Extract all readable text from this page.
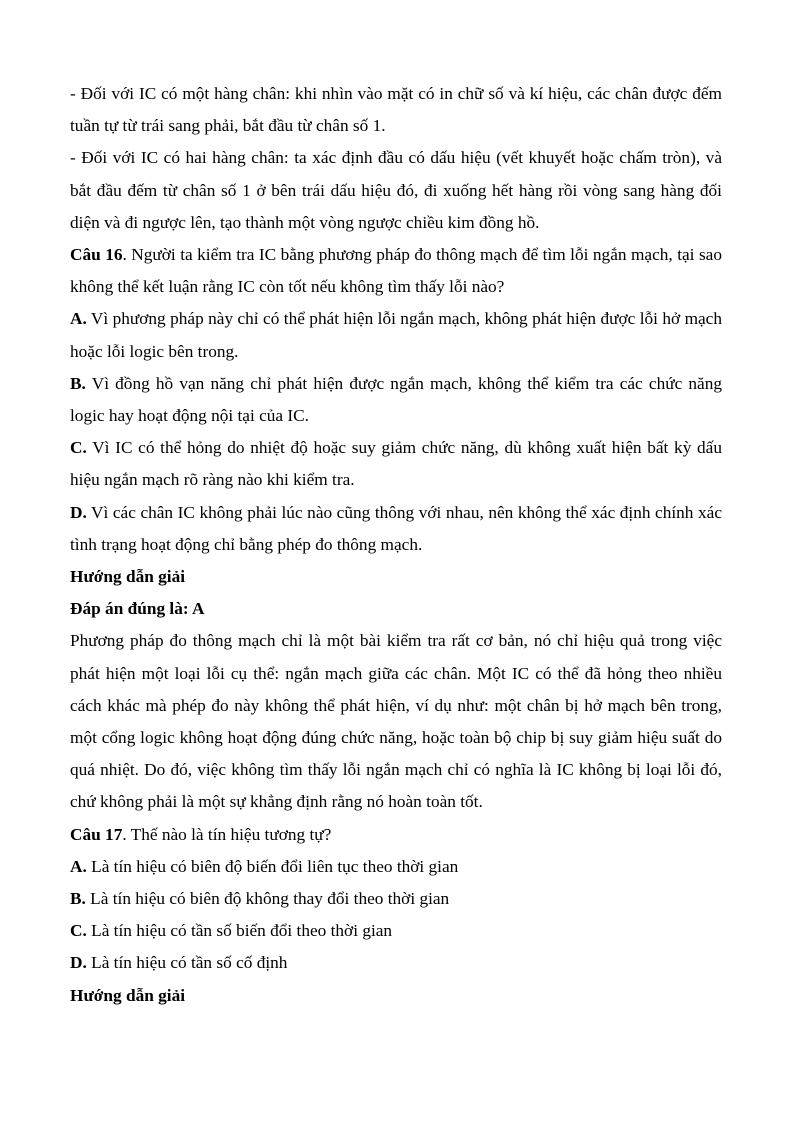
- Đối với IC có một hàng chân: khi nhìn vào mặt có in chữ số và kí hiệu, các chân được đếm tuần tự từ trái sang phải, bắt đầu từ chân số 1.
- Đối với IC có hai hàng chân: ta xác định đầu có dấu hiệu (vết khuyết hoặc chấm tròn), và bắt đầu đếm từ chân số 1 ở bên trái dấu hiệu đó, đi xuống hết hàng rồi vòng sang hàng đối diện và đi ngược lên, tạo thành một vòng ngược chiều kim đồng hồ.
Câu 16. Người ta kiểm tra IC bằng phương pháp đo thông mạch để tìm lỗi ngắn mạch, tại sao không thể kết luận rằng IC còn tốt nếu không tìm thấy lỗi nào?
A. Vì phương pháp này chỉ có thể phát hiện lỗi ngắn mạch, không phát hiện được lỗi hở mạch hoặc lỗi logic bên trong.
B. Vì đồng hồ vạn năng chỉ phát hiện được ngắn mạch, không thể kiểm tra các chức năng logic hay hoạt động nội tại của IC.
C. Vì IC có thể hỏng do nhiệt độ hoặc suy giảm chức năng, dù không xuất hiện bất kỳ dấu hiệu ngắn mạch rõ ràng nào khi kiểm tra.
D. Vì các chân IC không phải lúc nào cũng thông với nhau, nên không thể xác định chính xác tình trạng hoạt động chỉ bằng phép đo thông mạch.
Hướng dẫn giải
Đáp án đúng là: A
Phương pháp đo thông mạch chỉ là một bài kiểm tra rất cơ bản, nó chỉ hiệu quả trong việc phát hiện một loại lỗi cụ thể: ngắn mạch giữa các chân. Một IC có thể đã hỏng theo nhiều cách khác mà phép đo này không thể phát hiện, ví dụ như: một chân bị hở mạch bên trong, một cổng logic không hoạt động đúng chức năng, hoặc toàn bộ chip bị suy giảm hiệu suất do quá nhiệt. Do đó, việc không tìm thấy lỗi ngắn mạch chỉ có nghĩa là IC không bị loại lỗi đó, chứ không phải là một sự khẳng định rằng nó hoàn toàn tốt.
Câu 17. Thế nào là tín hiệu tương tự?
A. Là tín hiệu có biên độ biến đổi liên tục theo thời gian
B. Là tín hiệu có biên độ không thay đổi theo thời gian
C. Là tín hiệu có tần số biến đổi theo thời gian
D. Là tín hiệu có tần số cố định
Hướng dẫn giải
